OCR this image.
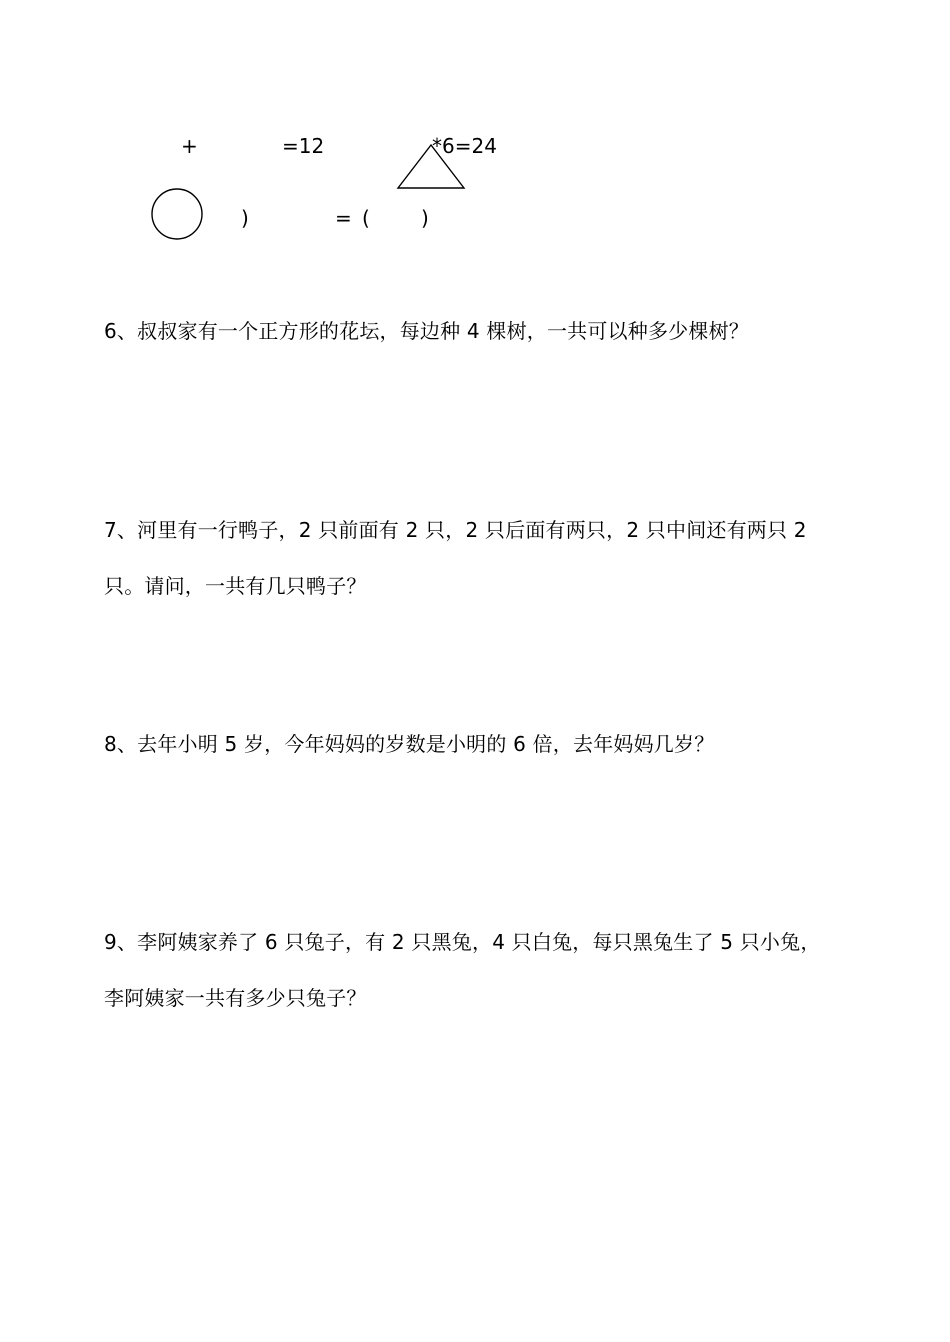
+	=12	*6=24
)	= (	)
6、叔叔家有一个正方形的花坛，每边种 4 棵树，一共可以种多少棵树？
7、河里有一行鸭子，2 只前面有 2 只，2 只后面有两只，2 只中间还有两只 2
只。请问，一共有几只鸭子？
8、去年小明 5 岁，今年妈妈的岁数是小明的 6 倍，去年妈妈几岁？
9、李阿姨家养了 6 只兔子，有 2 只黑兔，4 只白兔，每只黑兔生了 5 只小兔，
李阿姨家一共有多少只兔子？
